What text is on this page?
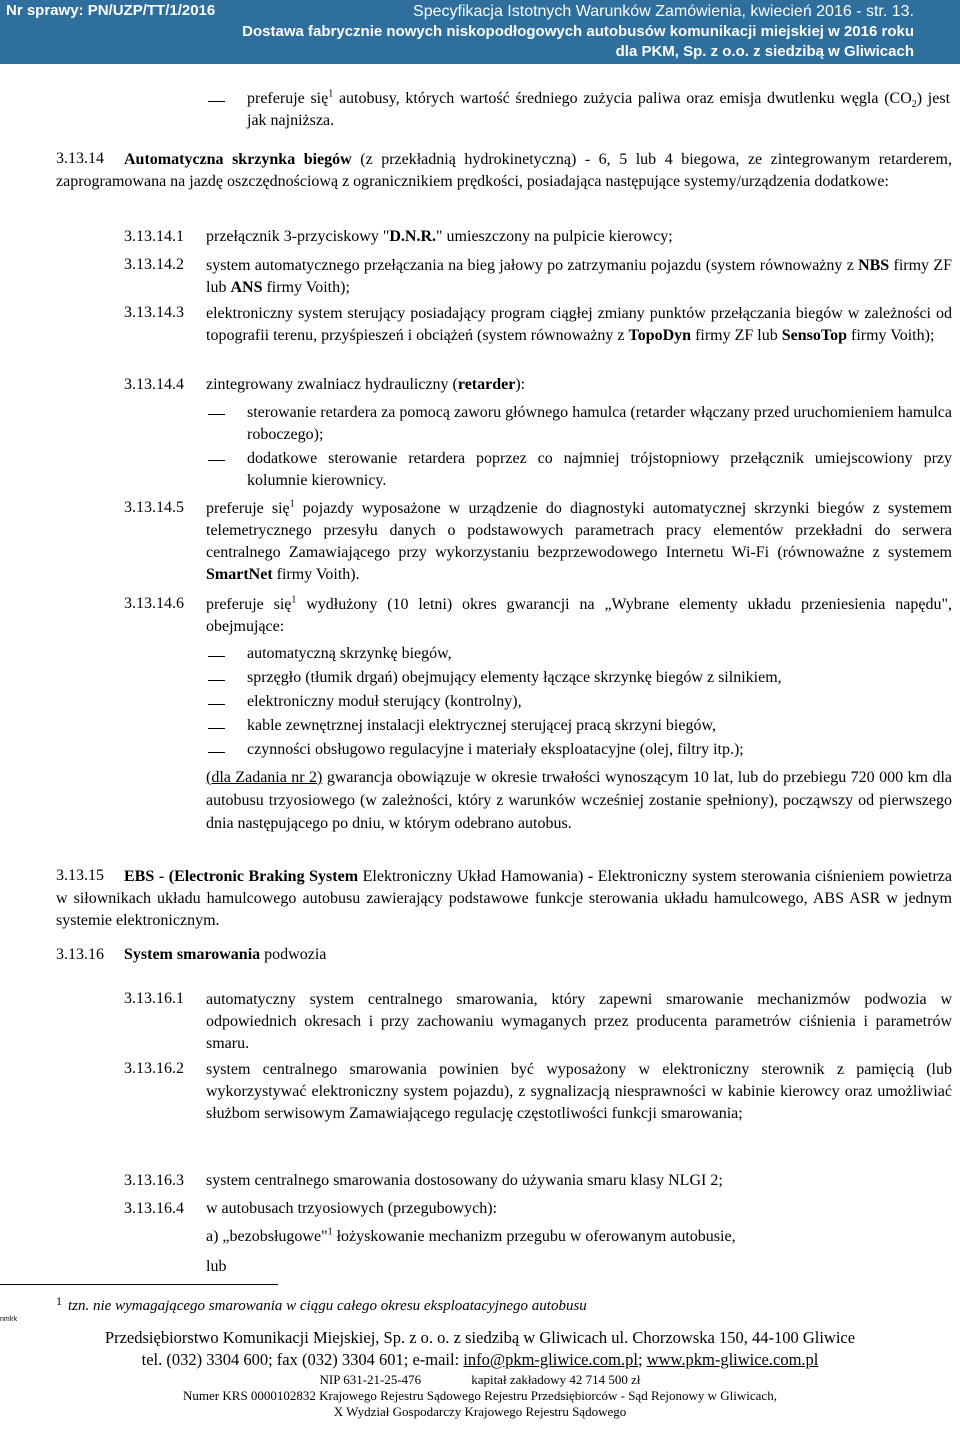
Nr sprawy: PN/UZP/TT/1/2016	Specyfikacja Istotnych Warunków Zamówienia, kwiecień 2016 - str. 13.
Dostawa fabrycznie nowych niskopodłogowych autobusów komunikacji miejskiej w 2016 roku
dla PKM, Sp. z o.o. z siedzibą w Gliwicach
preferuje się$^1$ autobusy, których wartość średniego zużycia paliwa oraz emisja dwutlenku węgla $(CO_2)$ jest jak najniższa.
3.13.14	Automatyczna skrzynka biegów (z przekładnią hydrokinetyczną) - 6, 5 lub 4 biegowa, ze zintegrowanym retarderem, zaprogramowana na jazdę oszczędnościową z ogranicznikiem prędkości, posiadająca następujące systemy/urządzenia dodatkowe:
3.13.14.1 przełącznik 3-przyciskowy "D.N.R." umieszczony na pulpicie kierowcy;
3.13.14.2 system automatycznego przełączania na bieg jałowy po zatrzymaniu pojazdu (system równoważny z NBS firmy ZF lub ANS firmy Voith);
3.13.14.3 elektroniczny system sterujący posiadający program ciągłej zmiany punktów przełączania biegów w zależności od topografii terenu, przyśpieszeń i obciążeń (system równoważny z TopoDyn firmy ZF lub SensoTop firmy Voith);
3.13.14.4 zintegrowany zwalniacz hydrauliczny (retarder):
sterowanie retardera za pomocą zaworu głównego hamulca (retarder włączany przed uruchomieniem hamulca roboczego);
dodatkowe sterowanie retardera poprzez co najmniej trójstopniowy przełącznik umiejscowiony przy kolumnie kierownicy.
3.13.14.5 preferuje się$^1$ pojazdy wyposażone w urządzenie do diagnostyki automatycznej skrzynki biegów z systemem telemetrycznego przesyłu danych o podstawowych parametrach pracy elementów przekładni do serwera centralnego Zamawiającego przy wykorzystaniu bezprzewodowego Internetu Wi-Fi (równoważne z systemem SmartNet firmy Voith).
3.13.14.6 preferuje się$^1$ wydłużony (10 letni) okres gwarancji na „Wybrane elementy układu przeniesienia napędu", obejmujące:
automatyczną skrzynkę biegów,
sprzęgło (tłumik drgań) obejmujący elementy łączące skrzynkę biegów z silnikiem,
elektroniczny moduł sterujący (kontrolny),
kable zewnętrznej instalacji elektrycznej sterującej pracą skrzyni biegów,
czynności obsługowo regulacyjne i materiały eksploatacyjne (olej, filtry itp.);
(dla Zadania nr 2) gwarancja obowiązuje w okresie trwałości wynoszącym 10 lat, lub do przebiegu 720 000 km dla autobusu trzyosiowego (w zależności, który z warunków wcześniej zostanie spełniony), począwszy od pierwszego dnia następującego po dniu, w którym odebrano autobus.
3.13.15	EBS - (Electronic Braking System Elektroniczny Układ Hamowania) - Elektroniczny system sterowania ciśnieniem powietrza w siłownikach układu hamulcowego autobusu zawierający podstawowe funkcje sterowania układu hamulcowego, ABS ASR w jednym systemie elektronicznym.
3.13.16 System smarowania podwozia
3.13.16.1 automatyczny system centralnego smarowania, który zapewni smarowanie mechanizmów podwozia w odpowiednich okresach i przy zachowaniu wymaganych przez producenta parametrów ciśnienia i parametrów smaru.
3.13.16.2 system centralnego smarowania powinien być wyposażony w elektroniczny sterownik z pamięcią (lub wykorzystywać elektroniczny system pojazdu), z sygnalizacją niesprawności w kabinie kierowcy oraz umożliwiać służbom serwisowym Zamawiającego regulację częstotliwości funkcji smarowania;
3.13.16.3 system centralnego smarowania dostosowany do używania smaru klasy NLGI 2;
3.13.16.4 w autobusach trzyosiowych (przegubowych):
a) „bezobsługowe"$^1$ łożyskowanie mechanizm przegubu w oferowanym autobusie,
lub
nmlrk
1 tzn. nie wymagającego smarowania w ciągu całego okresu eksploatacyjnego autobusu
Przedsiębiorstwo Komunikacji Miejskiej, Sp. z o. o. z siedzibą w Gliwicach ul. Chorzowska 150, 44-100 Gliwice
tel. (032) 3304 600; fax (032) 3304 601; e-mail: info@pkm-gliwice.com.pl; www.pkm-gliwice.com.pl
NIP 631-21-25-476	kapitał zakładowy 42 714 500 zł
Numer KRS 0000102832 Krajowego Rejestru Sądowego Rejestru Przedsiębiorców - Sąd Rejonowy w Gliwicach,
X Wydział Gospodarczy Krajowego Rejestru Sądowego
